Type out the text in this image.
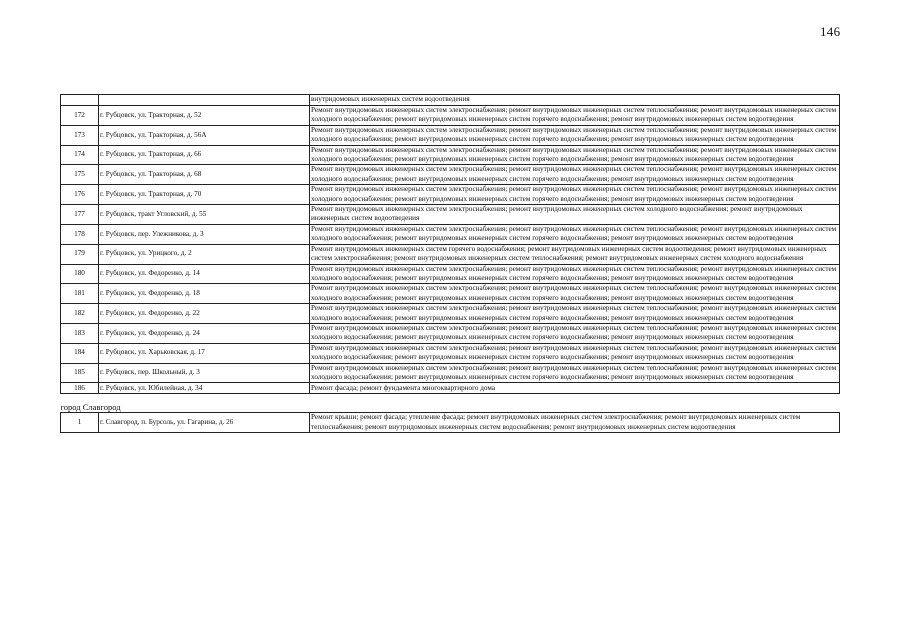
146
		внутридомовых инженерных систем водоотведения
172	г. Рубцовск, ул. Тракторная, д. 52	Ремонт внутридомовых инженерных систем электроснабжения; ремонт внутридомовых инженерных систем теплоснабжения; ремонт внутридомовых инженерных систем холодного водоснабжения; ремонт внутридомовых инженерных систем горячего водоснабжения; ремонт внутридомовых инженерных систем водоотведения
173	г. Рубцовск, ул. Тракторная, д. 56А	Ремонт внутридомовых инженерных систем электроснабжения; ремонт внутридомовых инженерных систем теплоснабжения; ремонт внутридомовых инженерных систем холодного водоснабжения; ремонт внутридомовых инженерных систем горячего водоснабжения; ремонт внутридомовых инженерных систем водоотведения
174	г. Рубцовск, ул. Тракторная, д. 66	Ремонт внутридомовых инженерных систем электроснабжения; ремонт внутридомовых инженерных систем теплоснабжения; ремонт внутридомовых инженерных систем холодного водоснабжения; ремонт внутридомовых инженерных систем горячего водоснабжения; ремонт внутридомовых инженерных систем водоотведения
175	г. Рубцовск, ул. Тракторная, д. 68	Ремонт внутридомовых инженерных систем электроснабжения; ремонт внутридомовых инженерных систем теплоснабжения; ремонт внутридомовых инженерных систем холодного водоснабжения; ремонт внутридомовых инженерных систем горячего водоснабжения; ремонт внутридомовых инженерных систем водоотведения
176	г. Рубцовск, ул. Тракторная, д. 70	Ремонт внутридомовых инженерных систем электроснабжения; ремонт внутридомовых инженерных систем теплоснабжения; ремонт внутридомовых инженерных систем холодного водоснабжения; ремонт внутридомовых инженерных систем горячего водоснабжения; ремонт внутридомовых инженерных систем водоотведения
177	г. Рубцовск, тракт Угловский, д. 55	Ремонт внутридомовых инженерных систем электроснабжения; ремонт внутридомовых инженерных систем холодного водоснабжения; ремонт внутридомовых инженерных систем водоотведения
178	г. Рубцовск, пер. Улежникова, д. 3	Ремонт внутридомовых инженерных систем электроснабжения; ремонт внутридомовых инженерных систем теплоснабжения; ремонт внутридомовых инженерных систем холодного водоснабжения; ремонт внутридомовых инженерных систем горячего водоснабжения; ремонт внутридомовых инженерных систем водоотведения
179	г. Рубцовск, ул. Урицкого, д. 2	Ремонт внутридомовых инженерных систем горячего водоснабжения; ремонт внутридомовых инженерных систем водоотведения; ремонт внутридомовых инженерных систем электроснабжения; ремонт внутридомовых инженерных систем теплоснабжения; ремонт внутридомовых инженерных систем холодного водоснабжения
180	г. Рубцовск, ул. Федоренко, д. 14	Ремонт внутридомовых инженерных систем электроснабжения; ремонт внутридомовых инженерных систем теплоснабжения; ремонт внутридомовых инженерных систем холодного водоснабжения; ремонт внутридомовых инженерных систем горячего водоснабжения; ремонт внутридомовых инженерных систем водоотведения
181	г. Рубцовск, ул. Федоренко, д. 18	Ремонт внутридомовых инженерных систем электроснабжения; ремонт внутридомовых инженерных систем теплоснабжения; ремонт внутридомовых инженерных систем холодного водоснабжения; ремонт внутридомовых инженерных систем горячего водоснабжения; ремонт внутридомовых инженерных систем водоотведения
182	г. Рубцовск, ул. Федоренко, д. 22	Ремонт внутридомовых инженерных систем электроснабжения; ремонт внутридомовых инженерных систем теплоснабжения; ремонт внутридомовых инженерных систем холодного водоснабжения; ремонт внутридомовых инженерных систем горячего водоснабжения; ремонт внутридомовых инженерных систем водоотведения
183	г. Рубцовск, ул. Федоренко, д. 24	Ремонт внутридомовых инженерных систем электроснабжения; ремонт внутридомовых инженерных систем теплоснабжения; ремонт внутридомовых инженерных систем холодного водоснабжения; ремонт внутридомовых инженерных систем горячего водоснабжения; ремонт внутридомовых инженерных систем водоотведения
184	г. Рубцовск, ул. Харьковская, д. 17	Ремонт внутридомовых инженерных систем электроснабжения; ремонт внутридомовых инженерных систем теплоснабжения; ремонт внутридомовых инженерных систем холодного водоснабжения; ремонт внутридомовых инженерных систем горячего водоснабжения; ремонт внутридомовых инженерных систем водоотведения
185	г. Рубцовск, пер. Школьный, д. 3	Ремонт внутридомовых инженерных систем электроснабжения; ремонт внутридомовых инженерных систем теплоснабжения; ремонт внутридомовых инженерных систем холодного водоснабжения; ремонт внутридомовых инженерных систем горячего водоснабжения; ремонт внутридомовых инженерных систем водоотведения
186	г. Рубцовск, ул. Юбилейная, д. 34	Ремонт фасада; ремонт фундамента многоквартирного дома
город Славгород		
1	г. Славгород, п. Бурсоль, ул. Гагарина, д. 26	Ремонт крыши; ремонт фасада; утепление фасада; ремонт внутридомовых инженерных систем электроснабжения; ремонт внутридомовых инженерных систем теплоснабжения; ремонт внутридомовых инженерных систем водоснабжения; ремонт внутридомовых инженерных систем водоотведения
